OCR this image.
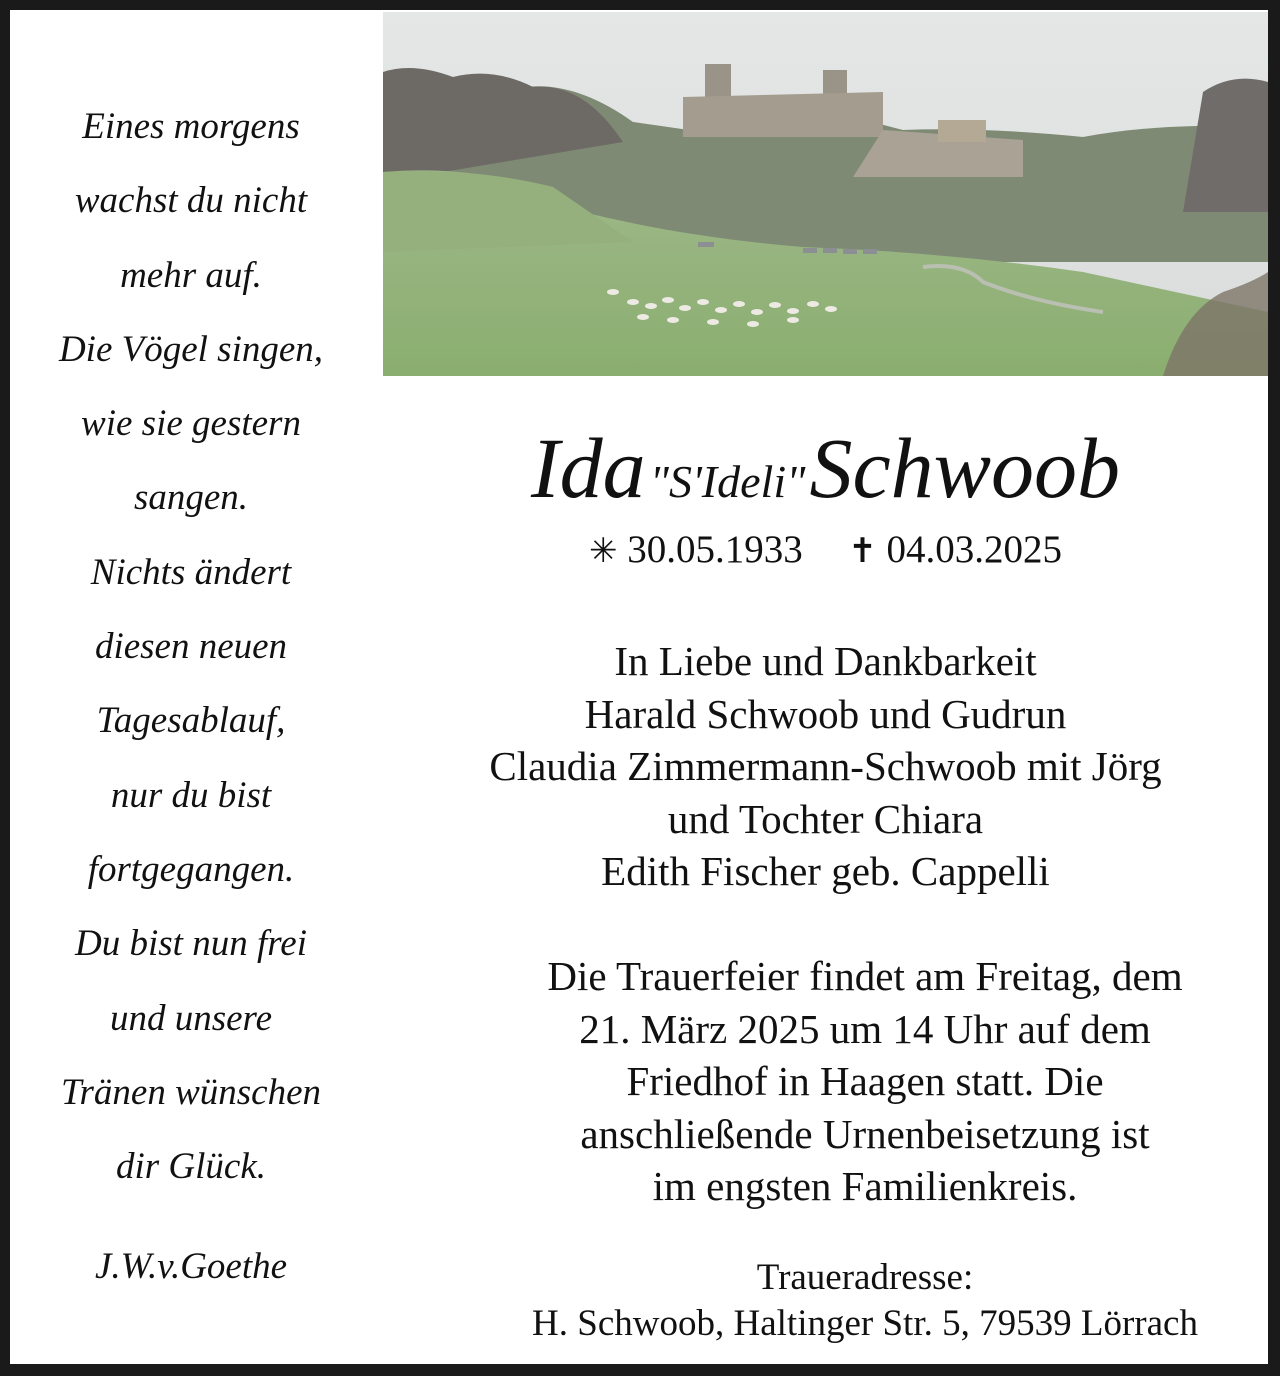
Eines morgens
wachst du nicht
mehr auf.
Die Vögel singen,
wie sie gestern
sangen.
Nichts ändert
diesen neuen
Tagesablauf,
nur du bist
fortgegangen.
Du bist nun frei
und unsere
Tränen wünschen
dir Glück.
J.W.v.Goethe
Ida "S'Ideli" Schwoob
✳ 30.05.1933 ✝ 04.03.2025
In Liebe und Dankbarkeit
Harald Schwoob und Gudrun
Claudia Zimmermann-Schwoob mit Jörg
und Tochter Chiara
Edith Fischer geb. Cappelli
Die Trauerfeier findet am Freitag, dem
21. März 2025 um 14 Uhr auf dem
Friedhof in Haagen statt. Die
anschließende Urnenbeisetzung ist
im engsten Familienkreis.
Traueradresse:
H. Schwoob, Haltinger Str. 5, 79539 Lörrach
